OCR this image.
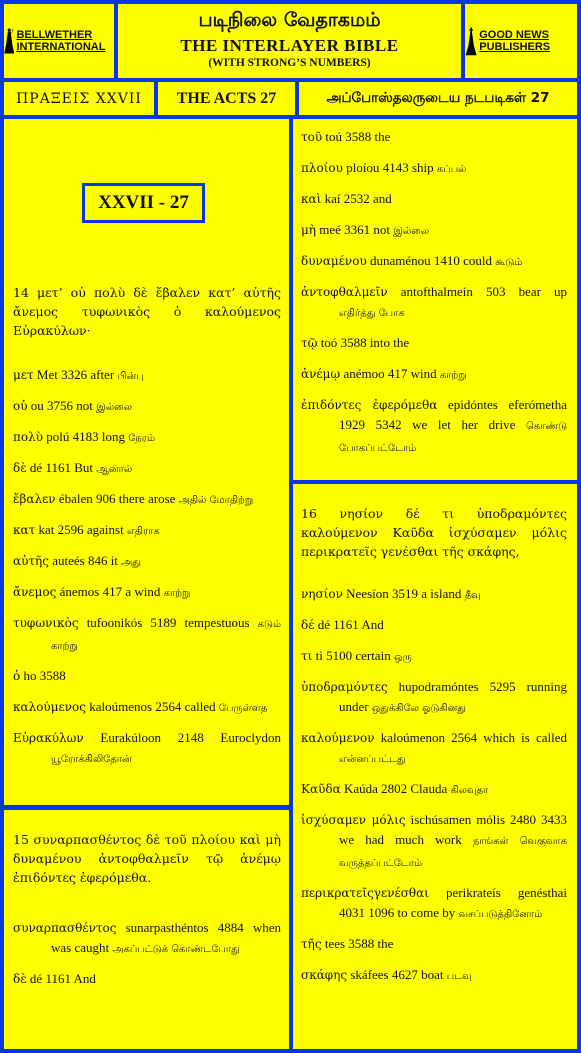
BELLWETHER INTERNATIONAL
படிநிலை வேதாகமம்
THE INTERLAYER BIBLE
(WITH STRONG’S NUMBERS)
GOOD NEWS PUBLISHERS
ΠΡΑΞΕΙΣ XXVII THE ACTS 27	அப்போஸ்தலருடைய நடபடிகள் 27
XXVII - 27
14 μετ’ οὐ πολὺ δὲ ἔβαλεν κατ’ αὐτῆς ἄνεμος τυφωνικὸς ὁ καλούμενος Εὐρακύλων·
μετ Met 3326 after பின்பு
οὐ ou 3756 not இல்லை
πολὺ polú 4183 long நேரம்
δὲ dé 1161 But ஆனால்
ἔβαλεν ébalen 906 there arose அதில் மோதிற்று
κατ kat 2596 against எதிராக
αὐτῆς auteés 846 it அது
ἄνεμος ánemos 417 a wind காற்று
τυφωνικὸς tufoonikós 5189 tempestuous கடும் காற்று
ὁ ho 3588
καλούμενος kaloúmenos 2564 called பேருள்ளத
Εὐρακύλων Eurakúloon 2148 Euroclydon யூரோக்கிலிதோன்
τοῦ toú 3588 the
πλοίου ploíou 4143 ship கப்பல்
καὶ kaí 2532 and
μὴ meé 3361 not இல்லை
δυναμένου dunaménou 1410 could கூடும்
ἀντοφθαλμεῖν antofthalmeín 503 bear up எதிர்த்து போக
τῷ toó 3588 into the
ἀνέμῳ anémoo 417 wind காற்று
ἐπιδόντες ἐφερόμεθα epidóntes eferómetha 1929 5342 we let her drive கொண்டு போகப்பட்டோம்
15 συναρπασθέντος δὲ τοῦ πλοίου καὶ μὴ δυναμένου ἀντοφθαλμεῖν τῷ ἀνέμῳ ἐπιδόντες ἐφερόμεθα.
συναρπασθέντος sunarpasthéntos 4884 when was caught அகப்பட்டுக் கொண்டபோது
δὲ dé 1161 And
16 νησίον δέ τι ὑποδραμόντες καλούμενον Καῦδα ἰσχύσαμεν μόλις περικρατεῖς γενέσθαι τῆς σκάφης,
νησίον Neesíon 3519 a island தீவு
δέ dé 1161 And
τι ti 5100 certain ஒரு
ὑποδραμόντες hupodramóntes 5295 running under ஒதுக்கிலே ஓடுகினது
καλούμενον kaloúmenon 2564 which is called என்னப்பட்டது
Καῦδα Kaúda 2802 Clauda கிலவுதா
ἰσχύσαμεν μόλις ischúsamen mólis 2480 3433 we had much work நாங்கள் வெகுவாக வருத்தப்பட்டோம்
περικρατεῖςγενέσθαι perikrateís genésthai 4031 1096 to come by வசப்படுத்தினோம்
τῆς tees 3588 the
σκάφης skáfees 4627 boat படவு
